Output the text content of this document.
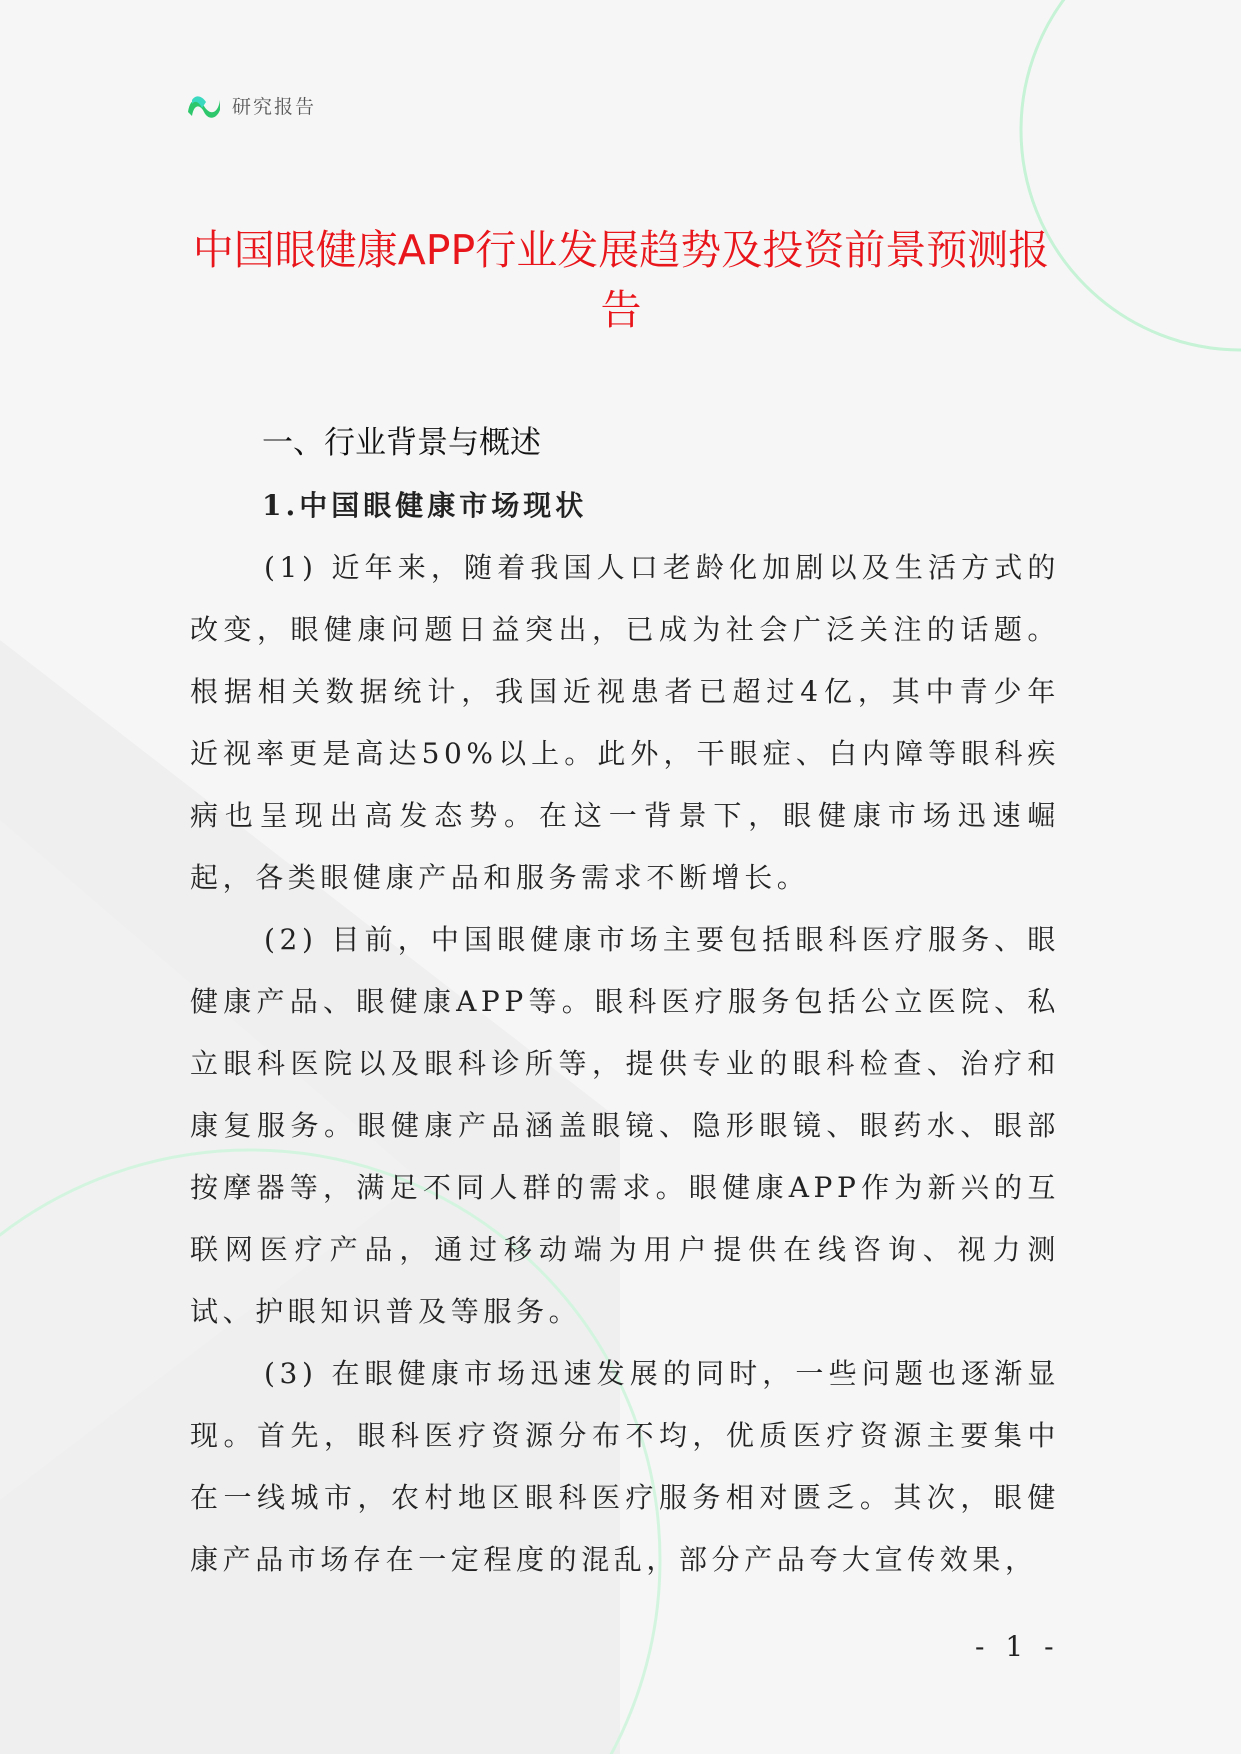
研究报告
中国眼健康APP行业发展趋势及投资前景预测报告
一、行业背景与概述
1.中国眼健康市场现状

(1) 近年来，随着我国人口老龄化加剧以及生活方式的改变，眼健康问题日益突出，已成为社会广泛关注的话题。根据相关数据统计，我国近视患者已超过4亿，其中青少年近视率更是高达50%以上。此外，干眼症、白内障等眼科疾病也呈现出高发态势。在这一背景下，眼健康市场迅速崛起，各类眼健康产品和服务需求不断增长。

(2) 目前，中国眼健康市场主要包括眼科医疗服务、眼健康产品、眼健康APP等。眼科医疗服务包括公立医院、私立眼科医院以及眼科诊所等，提供专业的眼科检查、治疗和康复服务。眼健康产品涵盖眼镜、隐形眼镜、眼药水、眼部按摩器等，满足不同人群的需求。眼健康APP作为新兴的互联网医疗产品，通过移动端为用户提供在线咨询、视力测试、护眼知识普及等服务。

(3) 在眼健康市场迅速发展的同时，一些问题也逐渐显现。首先，眼科医疗资源分布不均，优质医疗资源主要集中在一线城市，农村地区眼科医疗服务相对匮乏。其次，眼健康产品市场存在一定程度的混乱，部分产品夸大宣传效果，

- 1 -
